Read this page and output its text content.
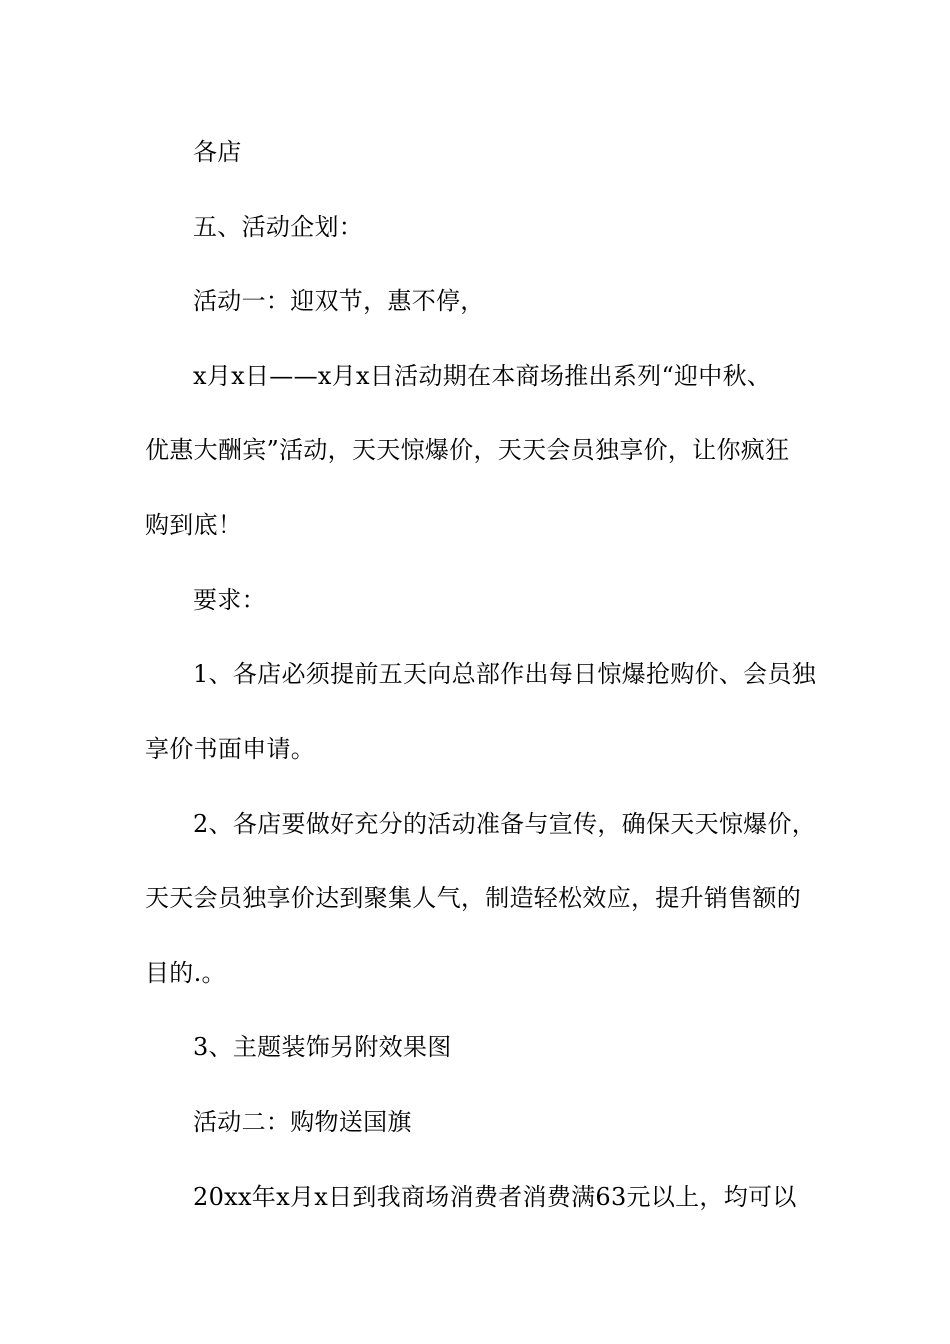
各店
五、活动企划：
活动一：迎双节，惠不停，
x月x日——x月x日活动期在本商场推出系列“迎中秋、
优惠大酬宾”活动，天天惊爆价，天天会员独享价，让你疯狂
购到底！
要求：
1、各店必须提前五天向总部作出每日惊爆抢购价、会员独
享价书面申请。
2、各店要做好充分的活动准备与宣传，确保天天惊爆价，
天天会员独享价达到聚集人气，制造轻松效应，提升销售额的
目的.。
3、主题装饰另附效果图
活动二：购物送国旗
20xx年x月x日到我商场消费者消费满63元以上，均可以
